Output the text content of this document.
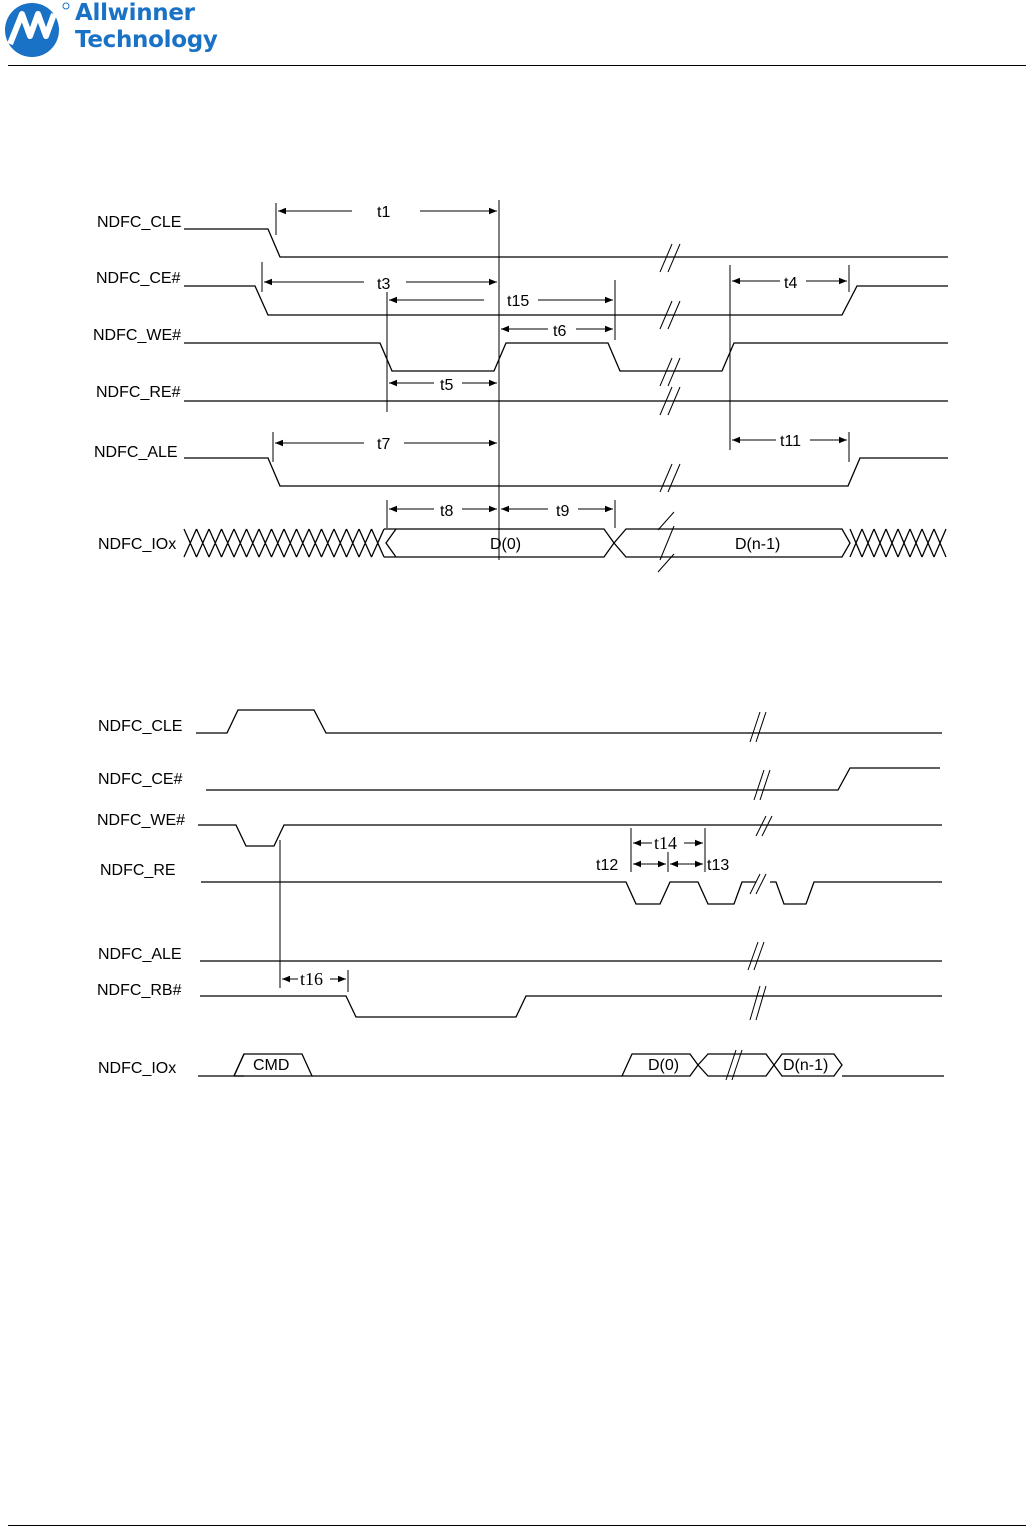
Allwinner
Technology
NDFC_CLE
NDFC_CE#
NDFC_WE#
NDFC_RE#
NDFC_ALE
NDFC_IOx
t1
t3
t15
t4
t6
t5
t7	t11
t8	t9
D(0)	D(n-1)
NDFC_CLE
NDFC_CE#
NDFC_WE#
NDFC_RE
NDFC_ALE
NDFC_RB#
NDFC_IOx
t14
t12	t13
t16
CMD	D(0)	D(n-1)
